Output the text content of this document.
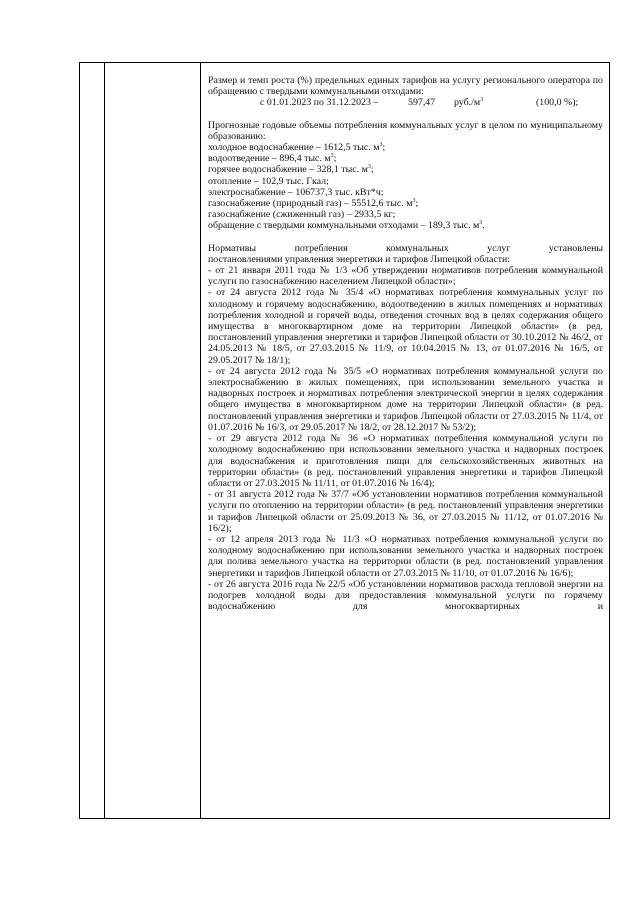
Размер и темп роста (%) предельных единых тарифов на услугу регионального оператора по обращению с твердыми коммунальными отходами:

с 01.01.2023 по 31.12.2023 –	597,47	$руб./м^3$	(100,0 %);

Прогнозные годовые объемы потребления коммунальных услуг в целом по муниципальному образованию:

холодное водоснабжение – 1612,5 тыс. $м^3$;

водоотведение – 896,4 тыс. $м^3$;

горячее водоснабжение – 328,1 тыс. $м^3$;

отопление – 102,9 тыс. Гкал;

электроснабжение – 106737,3 тыс. кВт*ч;

газоснабжение (природный газ) – 55512,6 тыс. $м^3$;

газоснабжение (сжиженный газ) – 2933,5 кг;

обращение с твердыми коммунальными отходами – 189,3 тыс. $м^3$.

Нормативы потребления коммунальных услуг установлены

постановлениями управления энергетики и тарифов Липецкой области:

- от 21 января 2011 года № 1/3 «Об утверждении нормативов потребления коммунальной услуги по газоснабжению населением Липецкой области»;

- от 24 августа 2012 года № 35/4 «О нормативах потребления коммунальных услуг по холодному и горячему водоснабжению, водоотведению в жилых помещениях и нормативах потребления холодной и горячей воды, отведения сточных вод в целях содержания общего имущества в многоквартирном доме на территории Липецкой области» (в ред. постановлений управления энергетики и тарифов Липецкой области от 30.10.2012 № 46/2, от 24.05.2013 № 18/5, от 27.03.2015 № 11/9, от 10.04.2015 № 13, от 01.07.2016 № 16/5, от 29.05.2017 № 18/1);

- от 24 августа 2012 года № 35/5 «О нормативах потребления коммунальной услуги по электроснабжению в жилых помещениях, при использовании земельного участка и надворных построек и нормативах потребления электрической энергии в целях содержания общего имущества в многоквартирном доме на территории Липецкой области» (в ред. постановлений управления энергетики и тарифов Липецкой области от 27.03.2015 № 11/4, от 01.07.2016 № 16/3, от 29.05.2017 № 18/2, от 28.12.2017 № 53/2);

- от 29 августа 2012 года № 36 «О нормативах потребления коммунальной услуги по холодному водоснабжению при использовании земельного участка и надворных построек для водоснабжения и приготовления пищи для сельскохозяйственных животных на территории области» (в ред. постановлений управления энергетики и тарифов Липецкой области от 27.03.2015 № 11/11, от 01.07.2016 № 16/4);

- от 31 августа 2012 года № 37/7 «Об установлении нормативов потребления коммунальной услуги по отоплению на территории области» (в ред. постановлений управления энергетики и тарифов Липецкой области от 25.09.2013 № 36, от 27.03.2015 № 11/12, от 01.07.2016 № 16/2);

- от 12 апреля 2013 года № 11/3 «О нормативах потребления коммунальной услуги по холодному водоснабжению при использовании земельного участка и надворных построек для полива земельного участка на территории области (в ред. постановлений управления энергетики и тарифов Липецкой области от 27.03.2015 № 11/10, от 01.07.2016 № 16/6);

- от 26 августа 2016 года № 22/5 «Об установлении нормативов расхода тепловой энергии на подогрев холодной воды для предоставления коммунальной услуги по горячему водоснабжению для многоквартирных и
